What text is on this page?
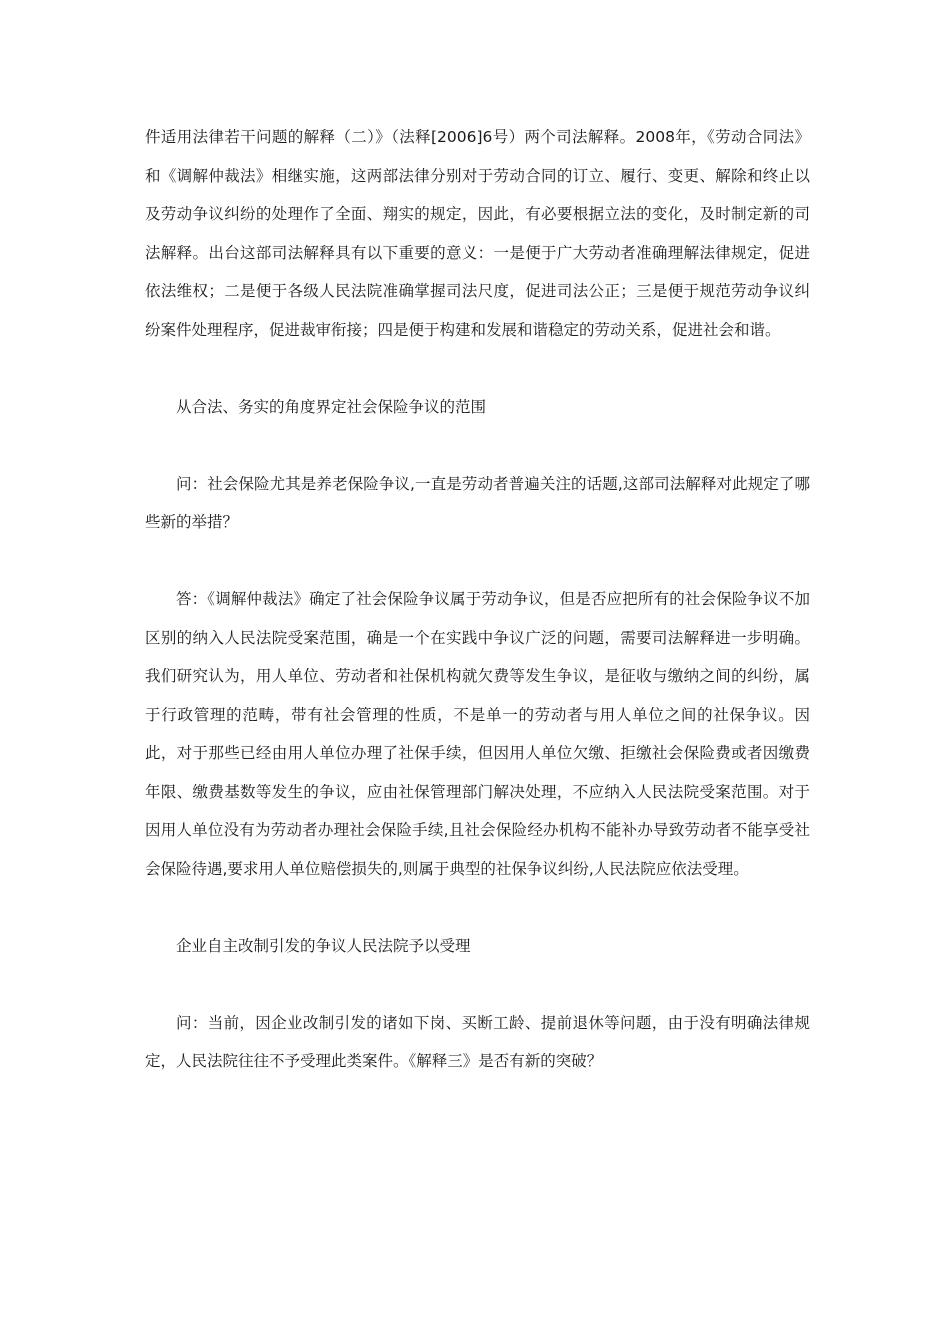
件适用法律若干问题的解释（二）》（法释[2006]6号）两个司法解释。2008年，《劳动合同法》和《调解仲裁法》相继实施，这两部法律分别对于劳动合同的订立、履行、变更、解除和终止以及劳动争议纠纷的处理作了全面、翔实的规定，因此，有必要根据立法的变化，及时制定新的司法解释。出台这部司法解释具有以下重要的意义：一是便于广大劳动者准确理解法律规定，促进依法维权；二是便于各级人民法院准确掌握司法尺度，促进司法公正；三是便于规范劳动争议纠纷案件处理程序，促进裁审衔接；四是便于构建和发展和谐稳定的劳动关系，促进社会和谐。

从合法、务实的角度界定社会保险争议的范围

问：社会保险尤其是养老保险争议,一直是劳动者普遍关注的话题,这部司法解释对此规定了哪些新的举措？

答：《调解仲裁法》确定了社会保险争议属于劳动争议，但是否应把所有的社会保险争议不加区别的纳入人民法院受案范围，确是一个在实践中争议广泛的问题，需要司法解释进一步明确。我们研究认为，用人单位、劳动者和社保机构就欠费等发生争议，是征收与缴纳之间的纠纷，属于行政管理的范畴，带有社会管理的性质，不是单一的劳动者与用人单位之间的社保争议。因此，对于那些已经由用人单位办理了社保手续，但因用人单位欠缴、拒缴社会保险费或者因缴费年限、缴费基数等发生的争议，应由社保管理部门解决处理，不应纳入人民法院受案范围。对于因用人单位没有为劳动者办理社会保险手续,且社会保险经办机构不能补办导致劳动者不能享受社会保险待遇,要求用人单位赔偿损失的,则属于典型的社保争议纠纷,人民法院应依法受理。

企业自主改制引发的争议人民法院予以受理

问：当前，因企业改制引发的诸如下岗、买断工龄、提前退休等问题，由于没有明确法律规定，人民法院往往不予受理此类案件。《解释三》是否有新的突破？
